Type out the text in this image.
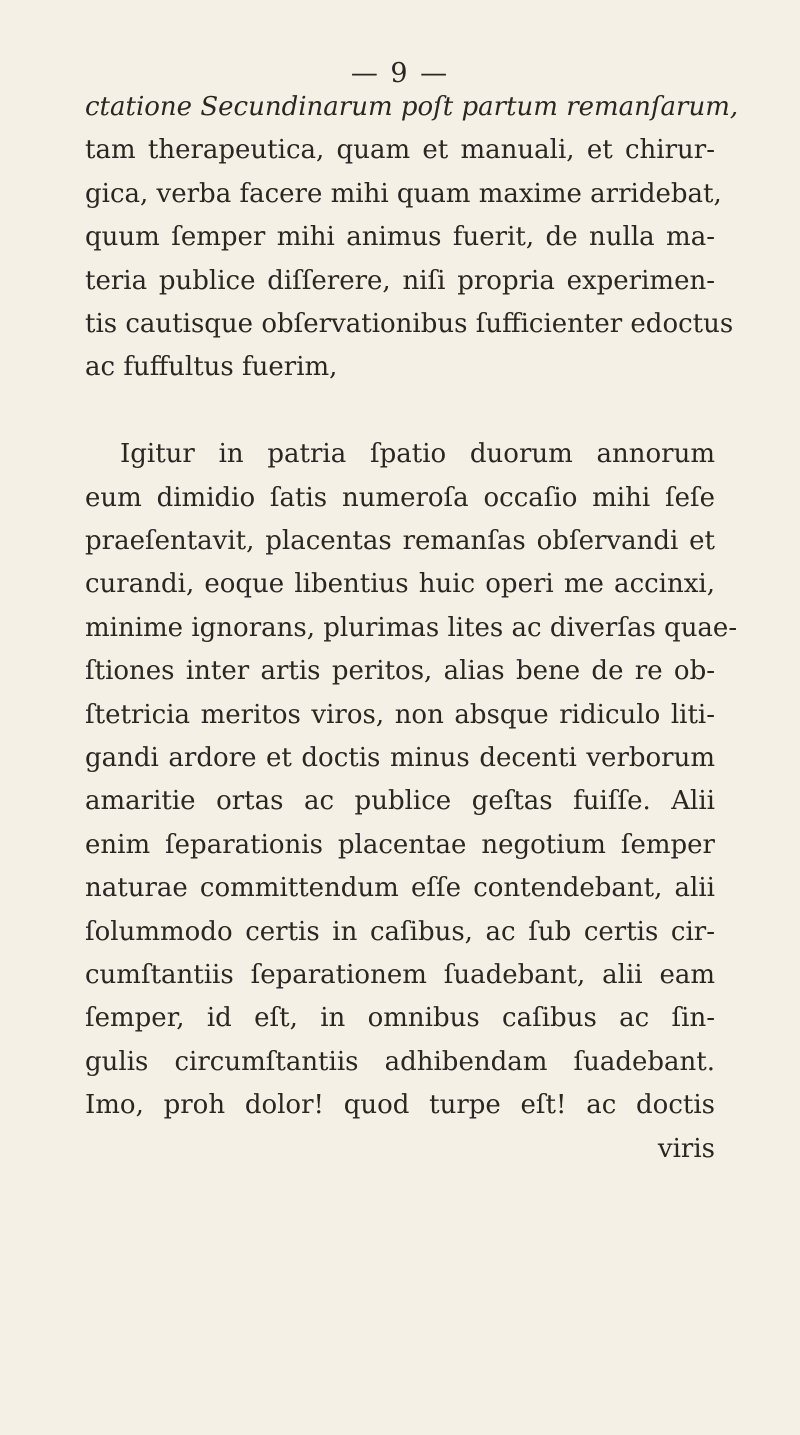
— 9 —
ctatione Secundinarum poſt partum remanſarum,
tam therapeutica, quam et manuali, et chirur-
gica, verba facere mihi quam maxime arridebat,
quum ſemper mihi animus fuerit, de nulla ma-
teria publice diſſerere, niſi propria experimen-
tis cautisque obſervationibus ſufficienter edoctus
ac fuffultus fuerim,
Igitur in patria ſpatio duorum annorum
eum dimidio ſatis numeroſa occaſio mihi ſeſe
praeſentavit, placentas remanſas obſervandi et
curandi, eoque libentius huic operi me accinxi,
minime ignorans, plurimas lites ac diverſas quae-
ſtiones inter artis peritos, alias bene de re ob-
ſtetricia meritos viros, non absque ridiculo liti-
gandi ardore et doctis minus decenti verborum
amaritie ortas ac publice geſtas fuiſſe. Alii
enim ſeparationis placentae negotium ſemper
naturae committendum eſſe contendebant, alii
ſolummodo certis in caſibus, ac ſub certis cir-
cumſtantiis ſeparationem ſuadebant, alii eam
ſemper, id eſt, in omnibus caſibus ac ſin-
gulis circumſtantiis adhibendam ſuadebant.
Imo, proh dolor! quod turpe eſt! ac doctis
viris
